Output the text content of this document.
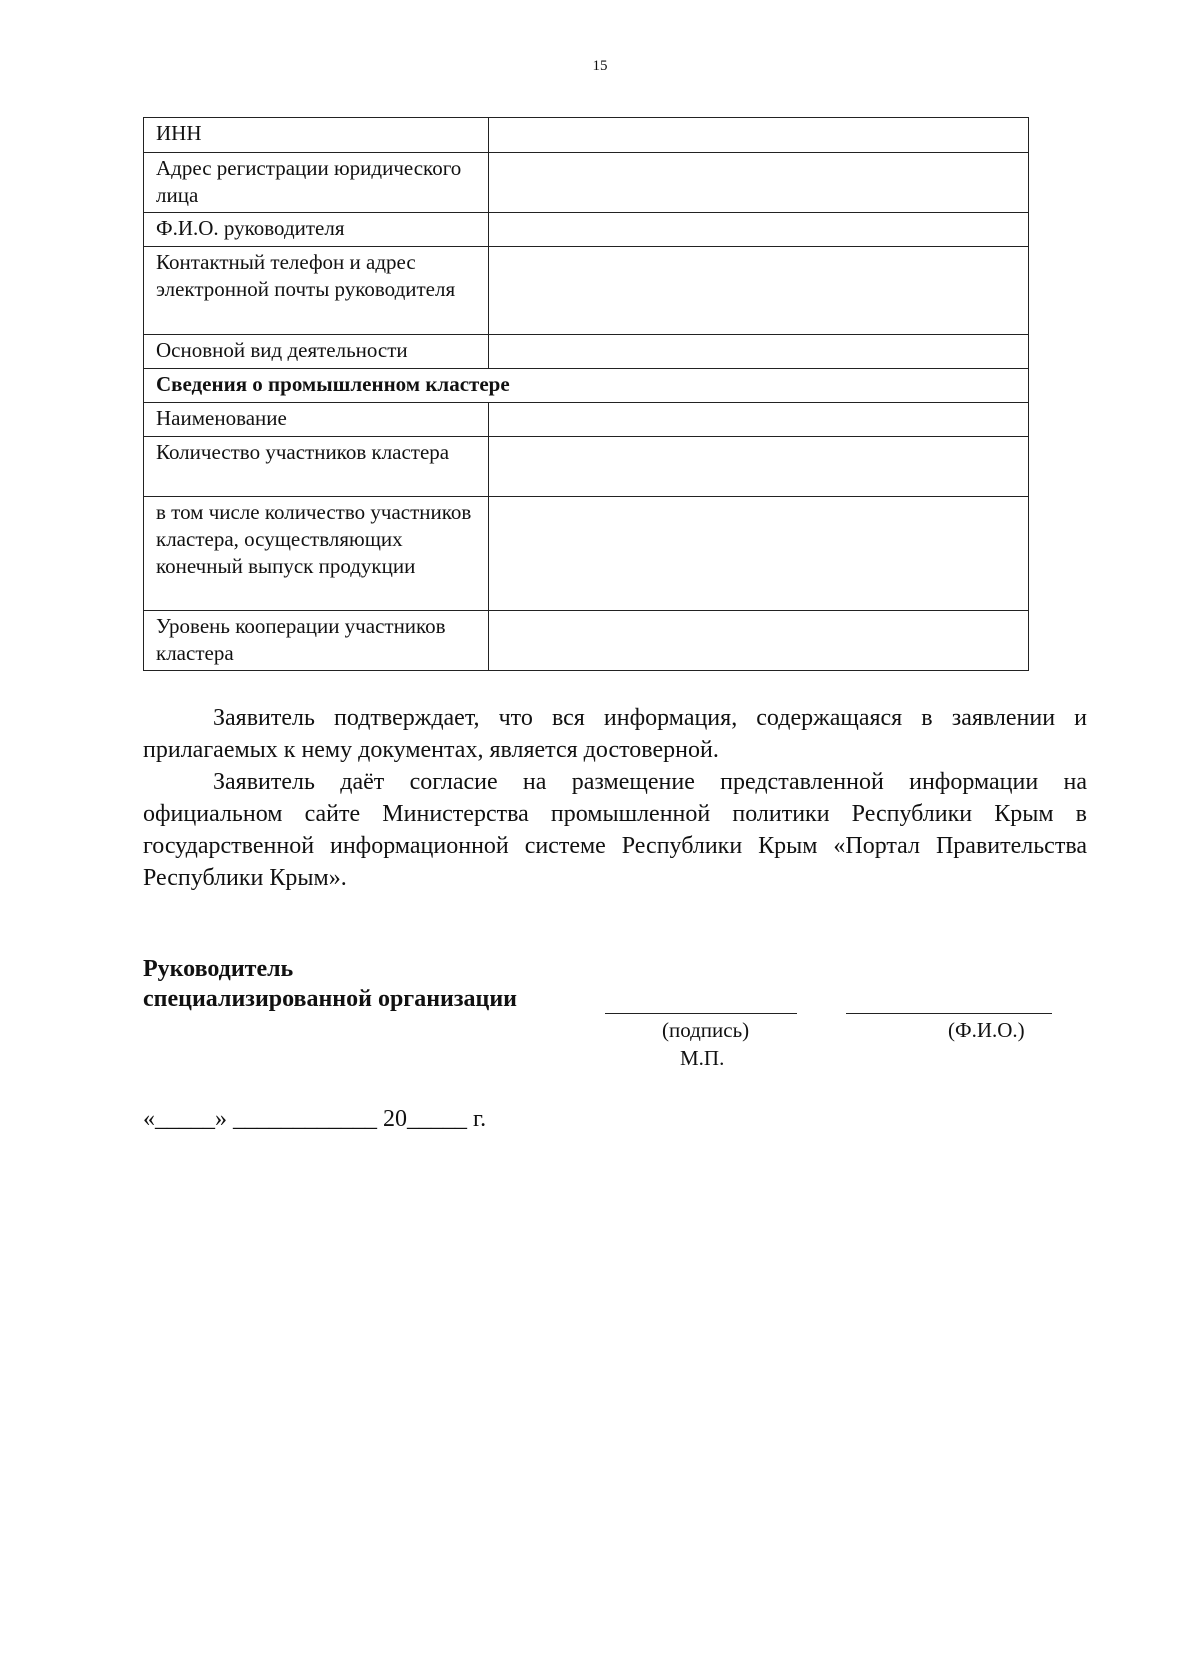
15
ИНН	
Адрес регистрации юридического лица	
Ф.И.О. руководителя	
Контактный телефон и адрес электронной почты руководителя	
Основной вид деятельности	
Сведения о промышленном кластере	
Наименование	
Количество участников кластера	
в том числе количество участников кластера, осуществляющих конечный выпуск продукции	
Уровень кооперации участников кластера	
Заявитель подтверждает, что вся информация, содержащаяся в заявлении и прилагаемых к нему документах, является достоверной.
Заявитель даёт согласие на размещение представленной информации на официальном сайте Министерства промышленной политики Республики Крым в государственной информационной системе Республики Крым «Портал Правительства Республики Крым».
Руководитель
специализированной организации
(подпись)	(Ф.И.О.)
М.П.
«_____» ____________ 20_____ г.
